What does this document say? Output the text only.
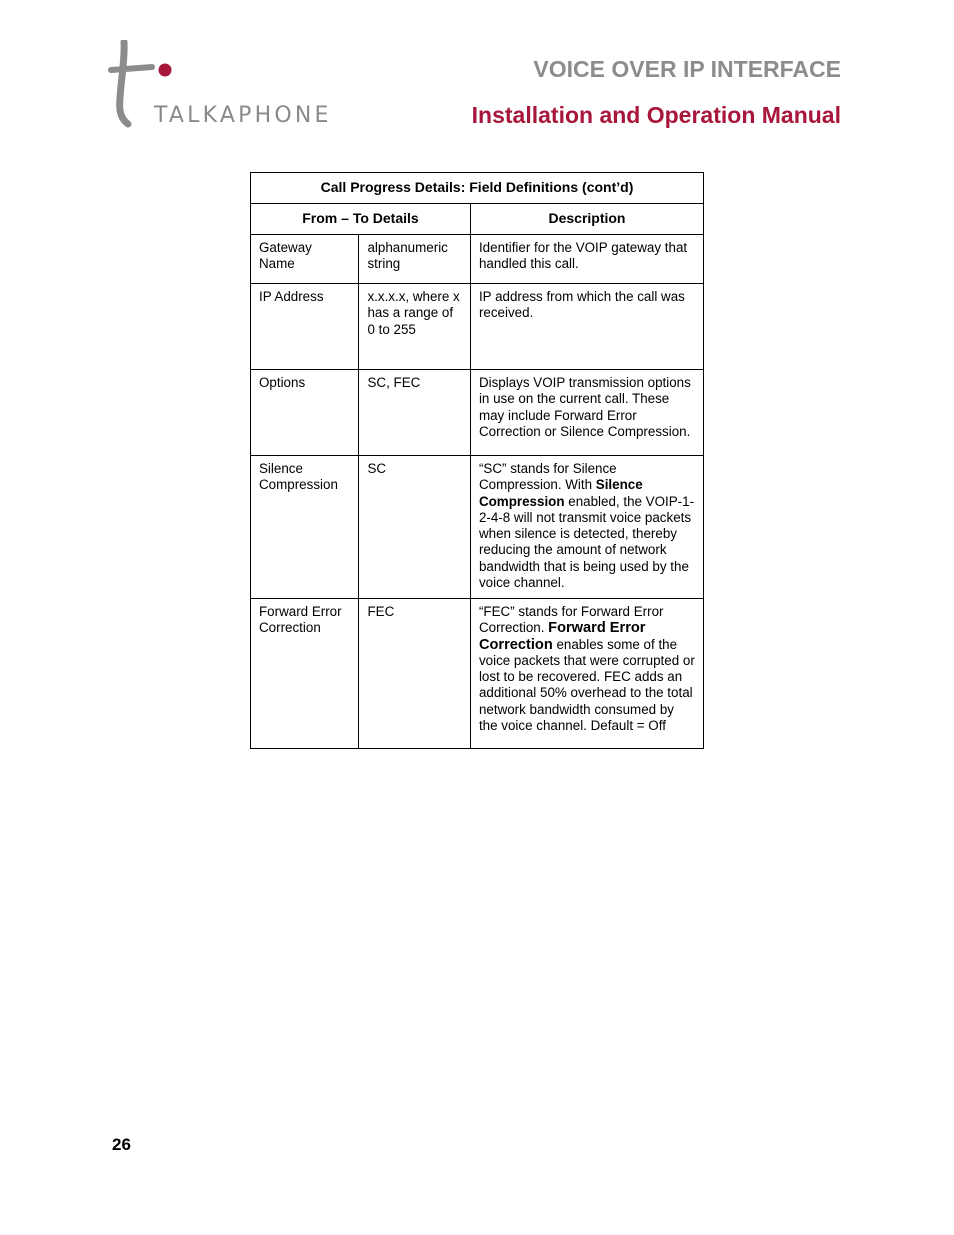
TALKAPHONE
VOICE OVER IP INTERFACE
Installation and Operation Manual
Call Progress Details: Field Definitions (cont’d)		
From – To Details		Description
Gateway Name	alphanumeric string	Identifier for the VOIP gateway that handled this call.
IP Address	x.x.x.x, where x has a range of 0 to 255	IP address from which the call was received.
Options	SC, FEC	Displays VOIP transmission options in use on the current call. These may include Forward Error Correction or Silence Compression.
Silence Compression	SC	“SC” stands for Silence Compression. With Silence Compression enabled, the VOIP-1-2-4-8 will not transmit voice packets when silence is detected, thereby reducing the amount of network bandwidth that is being used by the voice channel.
Forward Error Correction	FEC	“FEC” stands for Forward Error Correction. Forward Error Correction enables some of the voice packets that were corrupted or lost to be recovered. FEC adds an additional 50% overhead to the total network bandwidth consumed by the voice channel. Default = Off
26
